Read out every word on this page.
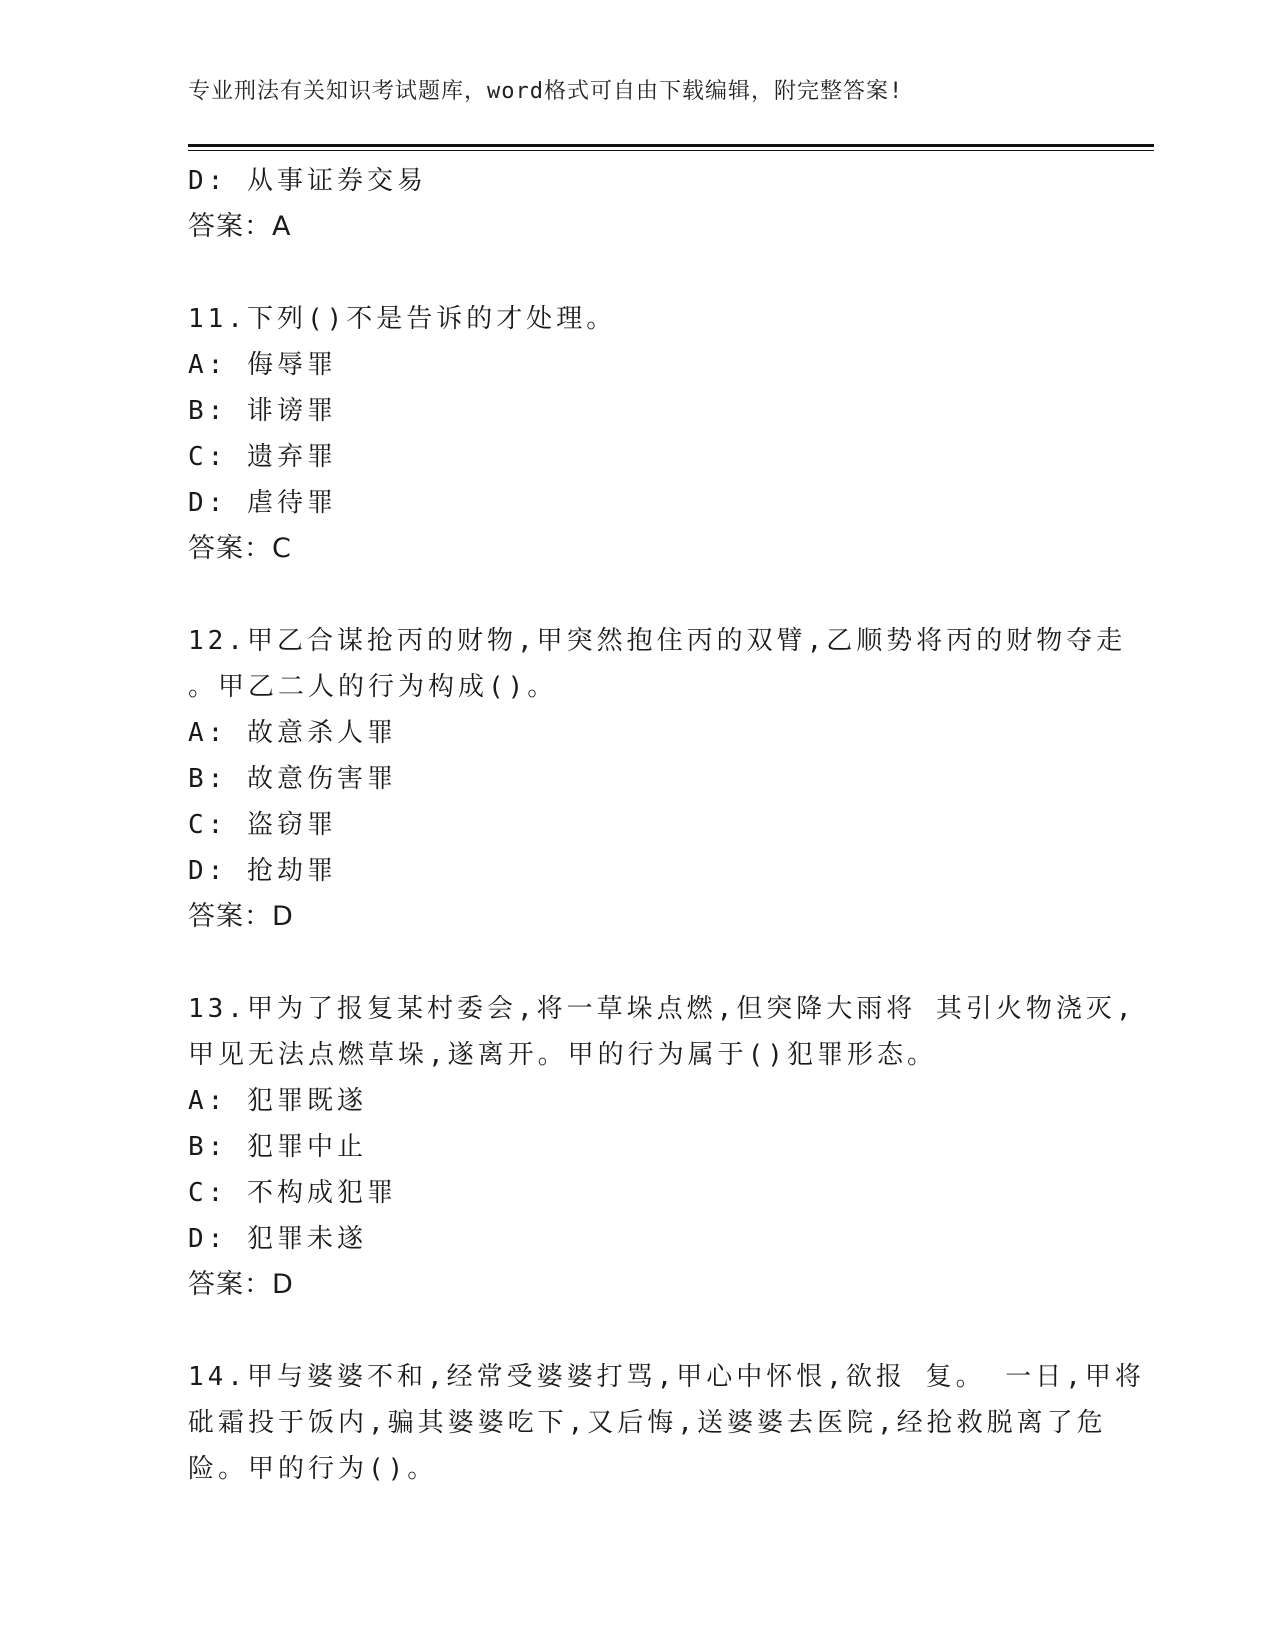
专业刑法有关知识考试题库，word格式可自由下载编辑，附完整答案!
D: 从事证券交易
答案：A
11.下列()不是告诉的才处理。
A: 侮辱罪
B: 诽谤罪
C: 遗弃罪
D: 虐待罪
答案：C
12.甲乙合谋抢丙的财物,甲突然抱住丙的双臂,乙顺势将丙的财物夺走
。甲乙二人的行为构成()。
A: 故意杀人罪
B: 故意伤害罪
C: 盗窃罪
D: 抢劫罪
答案：D
13.甲为了报复某村委会,将一草垛点燃,但突降大雨将 其引火物浇灭,
甲见无法点燃草垛,遂离开。甲的行为属于()犯罪形态。
A: 犯罪既遂
B: 犯罪中止
C: 不构成犯罪
D: 犯罪未遂
答案：D
14.甲与婆婆不和,经常受婆婆打骂,甲心中怀恨,欲报 复。 一日,甲将
砒霜投于饭内,骗其婆婆吃下,又后悔,送婆婆去医院,经抢救脱离了危
险。甲的行为()。
